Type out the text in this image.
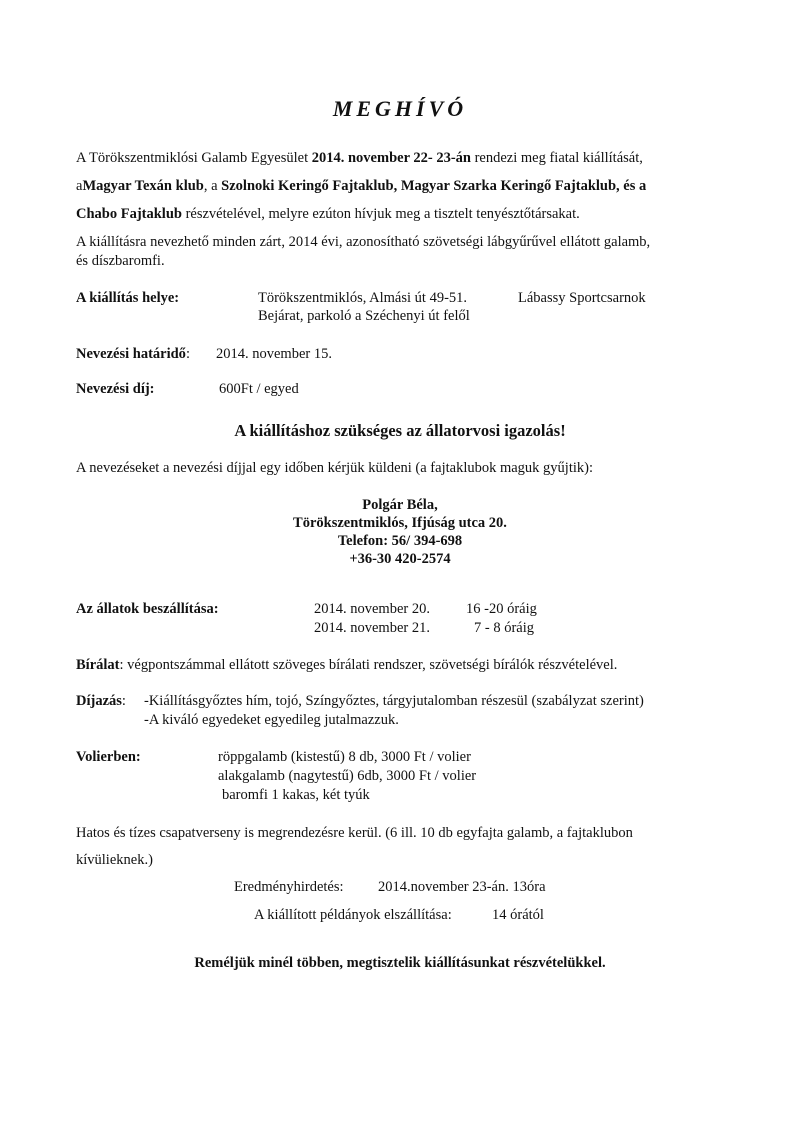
MEGHÍVÓ
A Törökszentmiklósi Galamb Egyesület 2014. november 22- 23-án rendezi meg fiatal kiállítását,
aMagyar Texán klub, a Szolnoki Keringő Fajtaklub, Magyar Szarka Keringő Fajtaklub, és a
Chabo Fajtaklub részvételével, melyre ezúton hívjuk meg a tisztelt tenyésztőtársakat.
A kiállításra nevezhető minden zárt, 2014 évi, azonosítható szövetségi lábgyűrűvel ellátott galamb,
és díszbaromfi.
A kiállítás helye:	Törökszentmiklós, Almási út 49-51.	Lábassy Sportcsarnok
Bejárat, parkoló a Széchenyi út felől
Nevezési határidő: 2014. november 15.
Nevezési díj:	600Ft / egyed
A kiállításhoz szükséges az állatorvosi igazolás!
A nevezéseket a nevezési díjjal egy időben kérjük küldeni (a fajtaklubok maguk gyűjtik):
Polgár Béla,
Törökszentmiklós, Ifjúság utca 20.
Telefon: 56/ 394-698
+36-30 420-2574
Az állatok beszállítása:	2014. november 20. 16 -20 óráig
2014. november 21.	7 - 8 óráig
Bírálat: végpontszámmal ellátott szöveges bírálati rendszer, szövetségi bírálók részvételével.
Díjazás: -Kiállításgyőztes hím, tojó, Színgyőztes, tárgyjutalomban részesül (szabályzat szerint)
-A kiváló egyedeket egyedileg jutalmazzuk.
Volierben:	röppgalamb (kistestű) 8 db, 3000 Ft / volier
alakgalamb (nagytestű) 6db, 3000 Ft / volier
baromfi 1 kakas, két tyúk
Hatos és tízes csapatverseny is megrendezésre kerül. (6 ill. 10 db egyfajta galamb, a fajtaklubon
kívülieknek.)
Eredményhirdetés: 2014.november 23-án. 13óra
A kiállított példányok elszállítása:	14 órától
Reméljük minél többen, megtisztelik kiállításunkat részvételükkel.
